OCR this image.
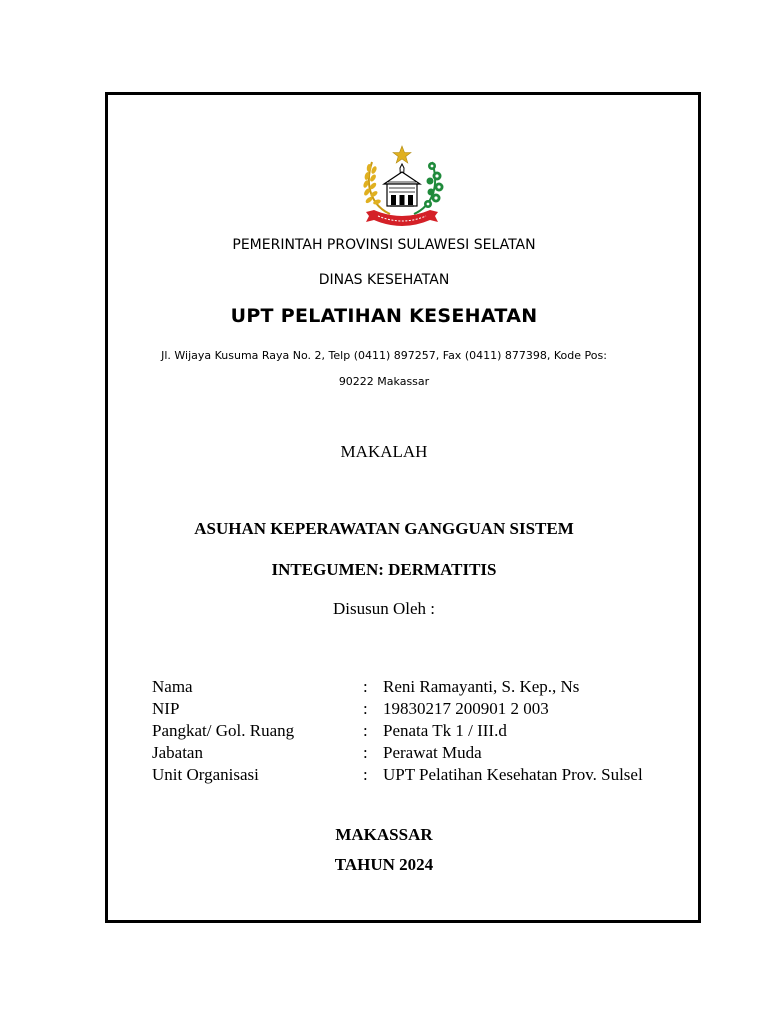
PEMERINTAH PROVINSI SULAWESI SELATAN
DINAS KESEHATAN
UPT PELATIHAN KESEHATAN
Jl. Wijaya Kusuma Raya No. 2, Telp (0411) 897257, Fax (0411) 877398, Kode Pos:
90222 Makassar
MAKALAH
ASUHAN KEPERAWATAN GANGGUAN SISTEM
INTEGUMEN: DERMATITIS
Disusun Oleh :
Nama	: Reni Ramayanti, S. Kep., Ns
NIP	: 19830217 200901 2 003
Pangkat/ Gol. Ruang	: Penata Tk 1 / III.d
Jabatan	: Perawat Muda
Unit Organisasi	: UPT Pelatihan Kesehatan Prov. Sulsel
MAKASSAR
TAHUN 2024
